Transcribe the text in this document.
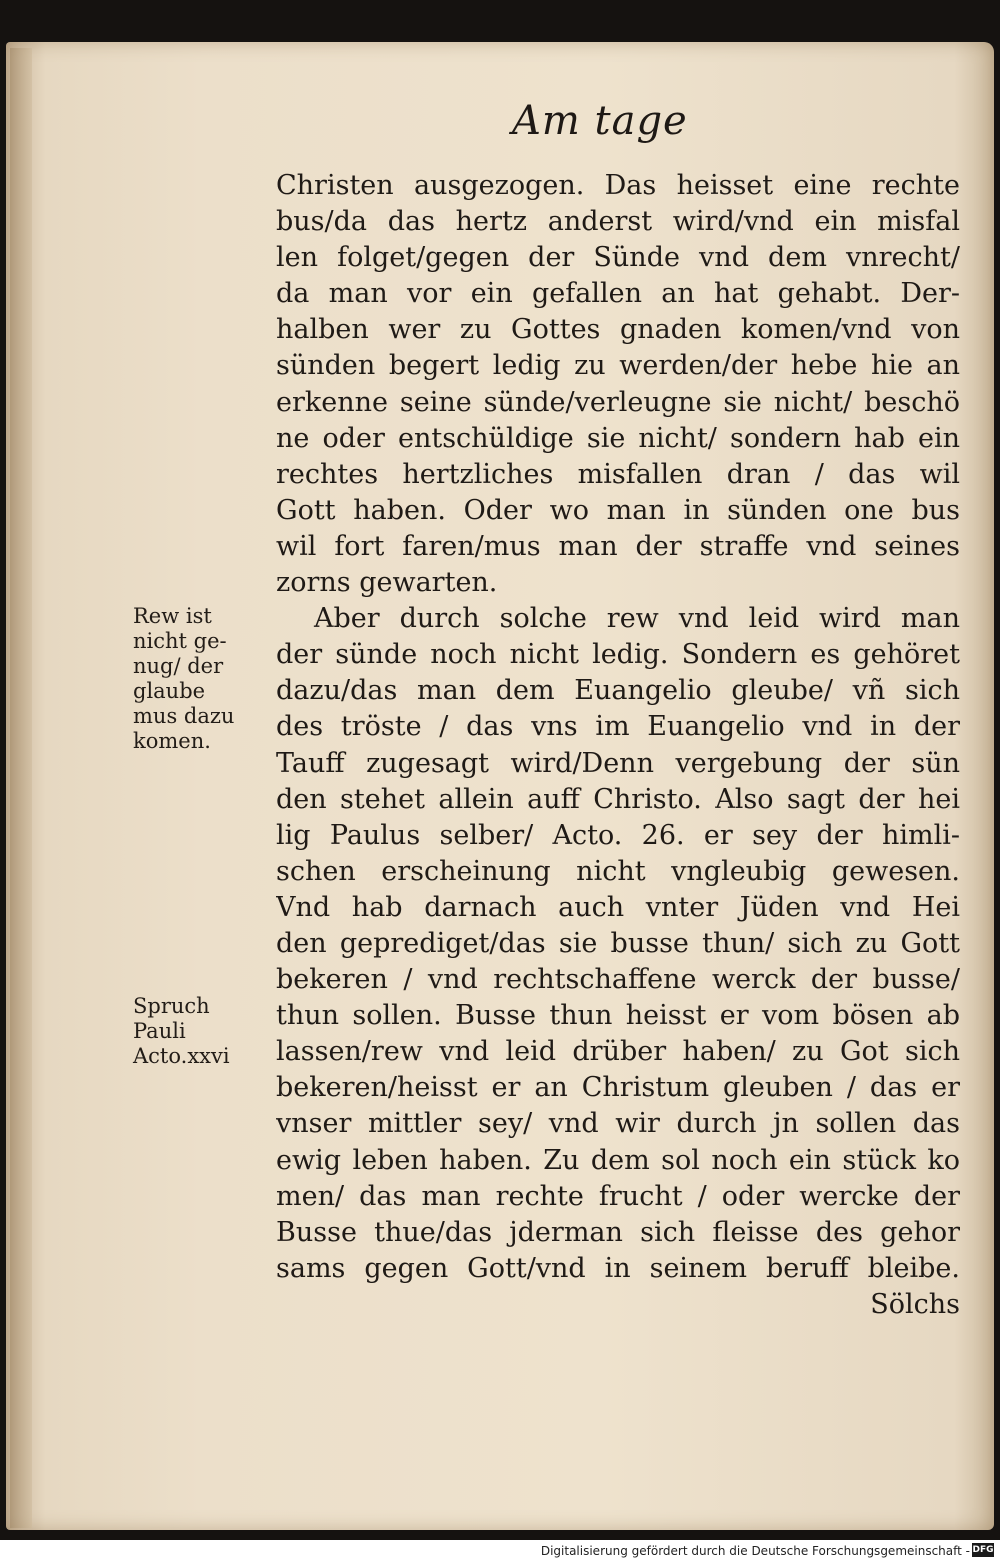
Am tage
Christen ausgezogen. Das heisset eine rechte
bus/da das hertz anderst wird/vnd ein misfal
len folget/gegen der Sünde vnd dem vnrecht/
da man vor ein gefallen an hat gehabt. Der-
halben wer zu Gottes gnaden komen/vnd von
sünden begert ledig zu werden/der hebe hie an
erkenne seine sünde/verleugne sie nicht/ beschö
ne oder entschüldige sie nicht/ sondern hab ein
rechtes hertzliches misfallen dran / das wil
Gott haben. Oder wo man in sünden one bus
wil fort faren/mus man der straffe vnd seines
zorns gewarten.
Aber durch solche rew vnd leid wird man
der sünde noch nicht ledig. Sondern es gehöret
dazu/das man dem Euangelio gleube/ vñ sich
des tröste / das vns im Euangelio vnd in der
Tauff zugesagt wird/Denn vergebung der sün
den stehet allein auff Christo. Also sagt der hei
lig Paulus selber/ Acto. 26. er sey der himli-
schen erscheinung nicht vngleubig gewesen.
Vnd hab darnach auch vnter Jüden vnd Hei
den geprediget/das sie busse thun/ sich zu Gott
bekeren / vnd rechtschaffene werck der busse/
thun sollen. Busse thun heisst er vom bösen ab
lassen/rew vnd leid drüber haben/ zu Got sich
bekeren/heisst er an Christum gleuben / das er
vnser mittler sey/ vnd wir durch jn sollen das
ewig leben haben. Zu dem sol noch ein stück ko
men/ das man rechte frucht / oder wercke der
Busse thue/das jderman sich fleisse des gehor
sams gegen Gott/vnd in seinem beruff bleibe.
Sölchs
Rew ist
nicht ge-
nug/ der
glaube
mus dazu
komen.
Spruch
Pauli
Acto.xxvi
Digitalisierung gefördert durch die Deutsche Forschungsgemeinschaft - DFG
